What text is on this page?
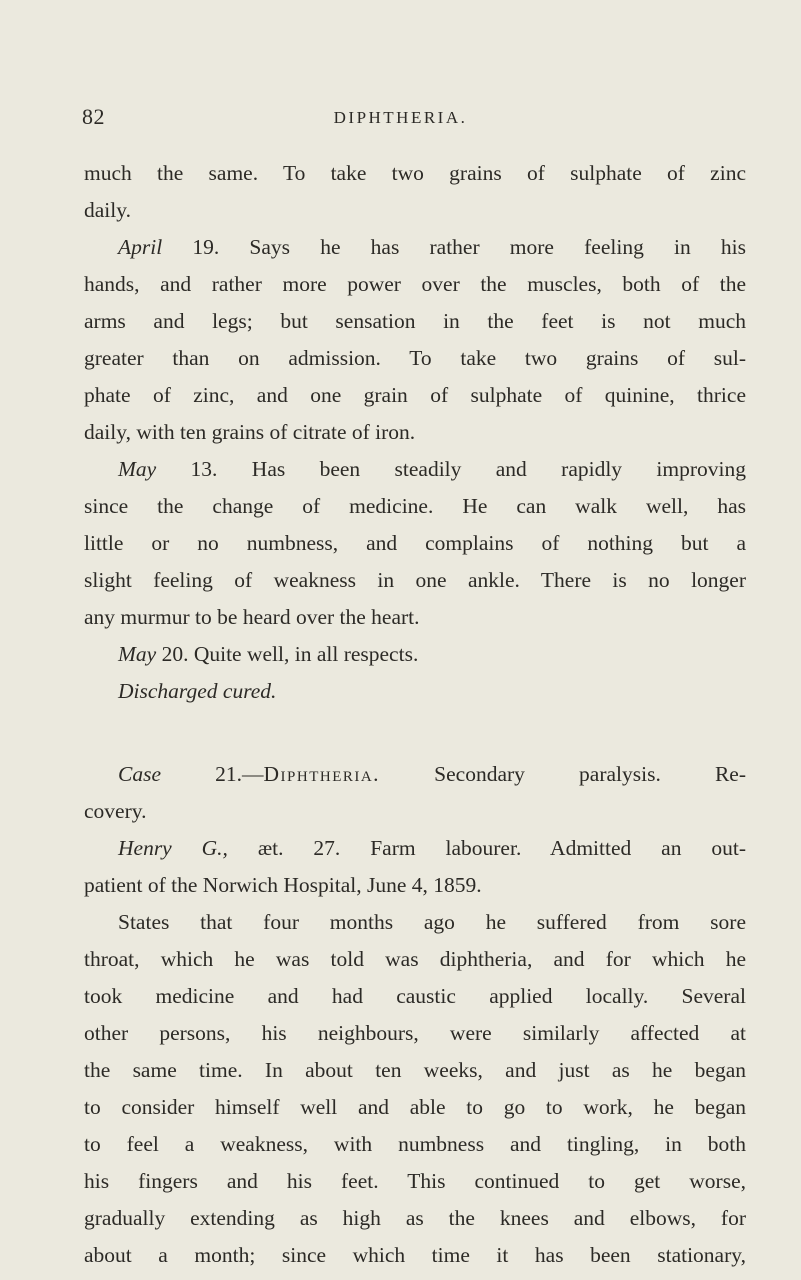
82	DIPHTHERIA.
much the same. To take two grains of sulphate of zinc
daily.
April 19. Says he has rather more feeling in his
hands, and rather more power over the muscles, both of the
arms and legs; but sensation in the feet is not much
greater than on admission. To take two grains of sul-
phate of zinc, and one grain of sulphate of quinine, thrice
daily, with ten grains of citrate of iron.
May 13. Has been steadily and rapidly improving
since the change of medicine. He can walk well, has
little or no numbness, and complains of nothing but a
slight feeling of weakness in one ankle. There is no longer
any murmur to be heard over the heart.
May 20. Quite well, in all respects.
Discharged cured.
Case 21.—Diphtheria. Secondary paralysis. Re-
covery.
Henry G., æt. 27. Farm labourer. Admitted an out-
patient of the Norwich Hospital, June 4, 1859.
States that four months ago he suffered from sore
throat, which he was told was diphtheria, and for which he
took medicine and had caustic applied locally. Several
other persons, his neighbours, were similarly affected at
the same time. In about ten weeks, and just as he began
to consider himself well and able to go to work, he began
to feel a weakness, with numbness and tingling, in both
his fingers and his feet. This continued to get worse,
gradually extending as high as the knees and elbows, for
about a month; since which time it has been stationary,
